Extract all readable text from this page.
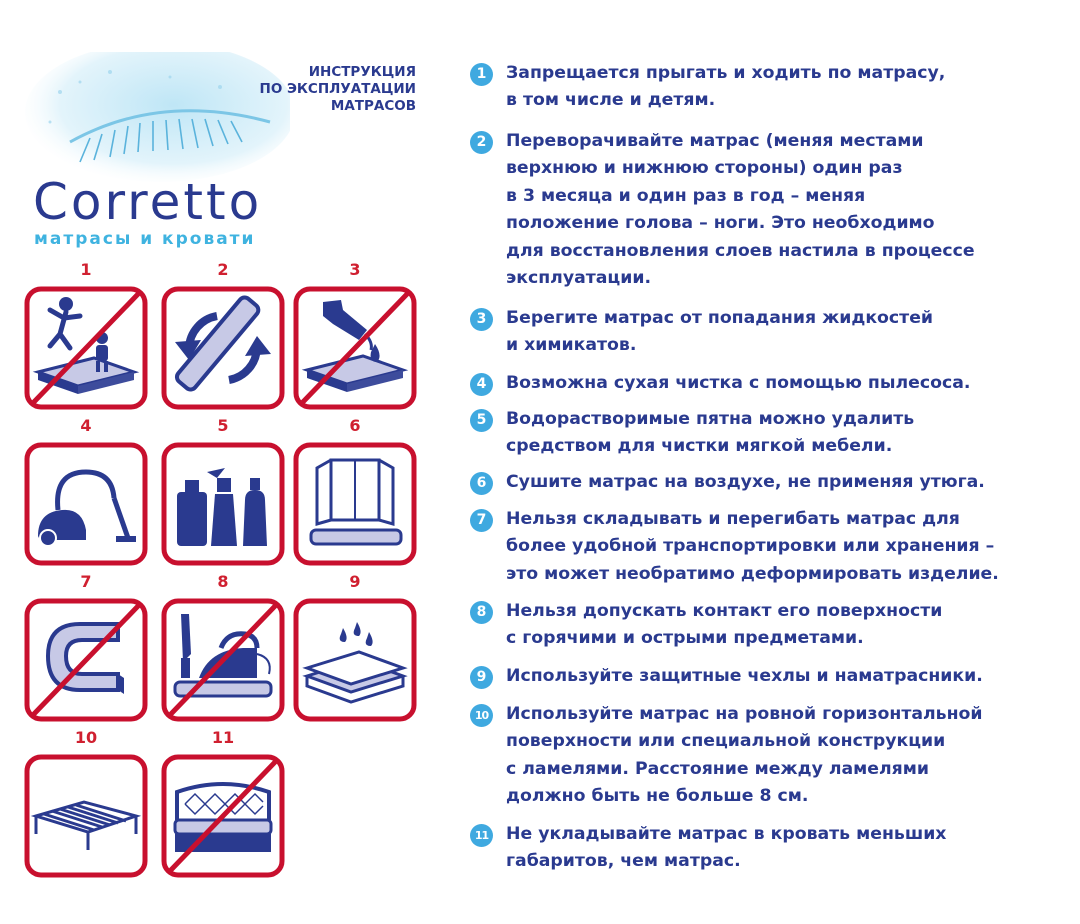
ИНСТРУКЦИЯ
ПО ЭКСПЛУАТАЦИИ
МАТРАСОВ
Corretto
матрасы и кровати
1	2	3
4	5	6
7	8	9
10	11
1	Запрещается прыгать и ходить по матрасу,
в том числе и детям.
2	Переворачивайте матрас (меняя местами
верхнюю и нижнюю стороны) один раз
в 3 месяца и один раз в год – меняя
положение голова – ноги. Это необходимо
для восстановления слоев настила в процессе
эксплуатации.
3	Берегите матрас от попадания жидкостей
и химикатов.
4	Возможна сухая чистка с помощью пылесоса.
5	Водорастворимые пятна можно удалить
средством для чистки мягкой мебели.
6	Сушите матрас на воздухе, не применяя утюга.
7	Нельзя складывать и перегибать матрас для
более удобной транспортировки или хранения –
это может необратимо деформировать изделие.
8	Нельзя допускать контакт его поверхности
с горячими и острыми предметами.
9	Используйте защитные чехлы и наматрасники.
10 Используйте матрас на ровной горизонтальной
поверхности или специальной конструкции
с ламелями. Расстояние между ламелями
должно быть не больше 8 см.
11 Не укладывайте матрас в кровать меньших
габаритов, чем матрас.
